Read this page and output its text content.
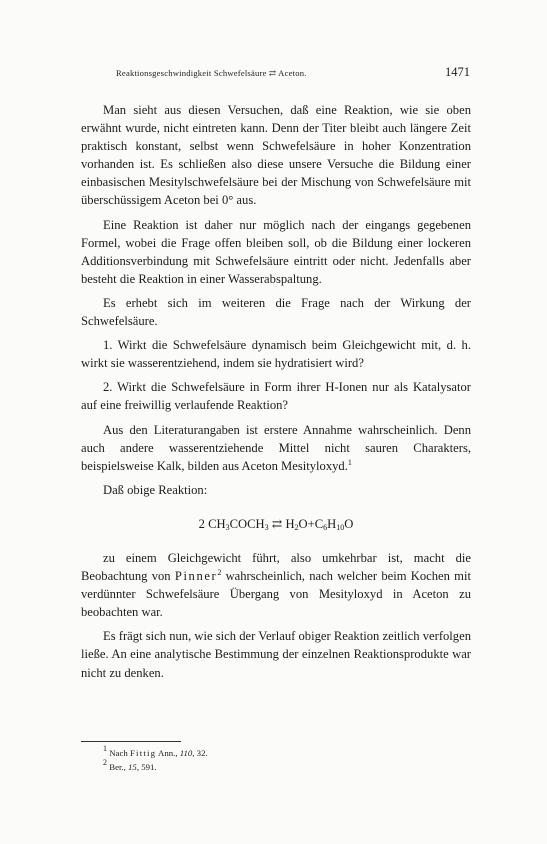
Reaktionsgeschwindigkeit Schwefelsäure ⇄ Aceton.	1471

Man sieht aus diesen Versuchen, daß eine Reaktion, wie sie oben erwähnt wurde, nicht eintreten kann. Denn der Titer bleibt auch längere Zeit praktisch konstant, selbst wenn Schwefelsäure in hoher Konzentration vorhanden ist. Es schließen also diese unsere Versuche die Bildung einer einbasischen Mesitylschwefelsäure bei der Mischung von Schwefelsäure mit überschüssigem Aceton bei 0° aus.

Eine Reaktion ist daher nur möglich nach der eingangs gegebenen Formel, wobei die Frage offen bleiben soll, ob die Bildung einer lockeren Additionsverbindung mit Schwefelsäure eintritt oder nicht. Jedenfalls aber besteht die Reaktion in einer Wasserabspaltung.

Es erhebt sich im weiteren die Frage nach der Wirkung der Schwefelsäure.

1. Wirkt die Schwefelsäure dynamisch beim Gleichgewicht mit, d. h. wirkt sie wasserentziehend, indem sie hydratisiert wird?

2. Wirkt die Schwefelsäure in Form ihrer H-Ionen nur als Katalysator auf eine freiwillig verlaufende Reaktion?

Aus den Literaturangaben ist erstere Annahme wahrscheinlich. Denn auch andere wasserentziehende Mittel nicht sauren Charakters, beispielsweise Kalk, bilden aus Aceton Mesityloxyd.$^1$

Daß obige Reaktion:

2 $CH_3COCH_3$ ⇄ $H_2O+C_6H_{10}O$

zu einem Gleichgewicht führt, also umkehrbar ist, macht die Beobachtung von Pinner$^2$ wahrscheinlich, nach welcher beim Kochen mit verdünnter Schwefelsäure Übergang von Mesityloxyd in Aceton zu beobachten war.

Es frägt sich nun, wie sich der Verlauf obiger Reaktion zeitlich verfolgen ließe. An eine analytische Bestimmung der einzelnen Reaktionsprodukte war nicht zu denken.

$^1$ Nach Fittig Ann., 110, 32.
$^2$ Ber., 15, 591.
